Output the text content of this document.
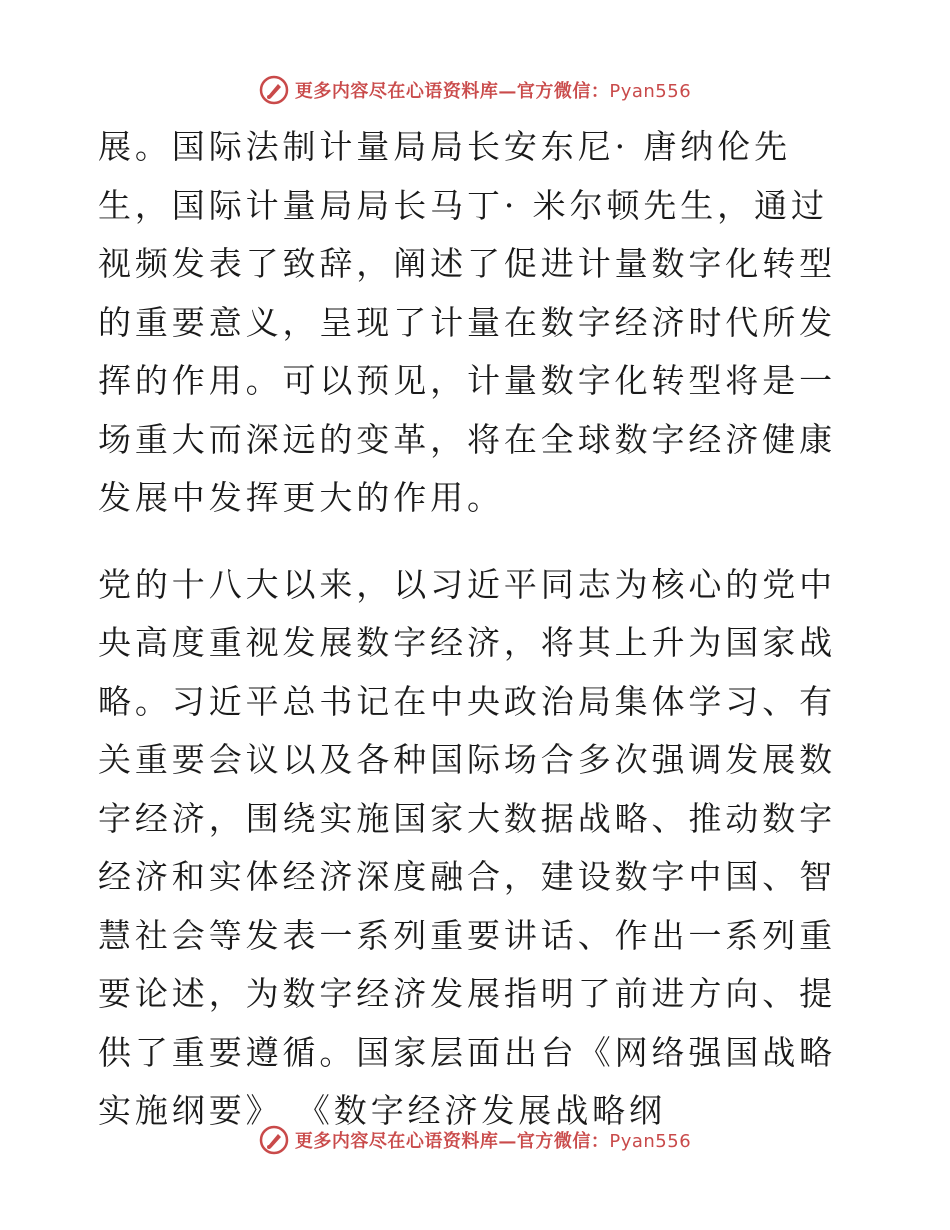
更多内容尽在心语资料库—官方微信：Pyan556

展。国际法制计量局局长安东尼· 唐纳伦先生，国际计量局局长马丁· 米尔顿先生，通过视频发表了致辞，阐述了促进计量数字化转型的重要意义，呈现了计量在数字经济时代所发挥的作用。可以预见，计量数字化转型将是一场重大而深远的变革，将在全球数字经济健康发展中发挥更大的作用。

党的十八大以来，以习近平同志为核心的党中央高度重视发展数字经济，将其上升为国家战略。习近平总书记在中央政治局集体学习、有关重要会议以及各种国际场合多次强调发展数字经济，围绕实施国家大数据战略、推动数字经济和实体经济深度融合，建设数字中国、智慧社会等发表一系列重要讲话、作出一系列重要论述，为数字经济发展指明了前进方向、提供了重要遵循。国家层面出台《网络强国战略实施纲要》 《数字经济发展战略纲

更多内容尽在心语资料库—官方微信：Pyan556
